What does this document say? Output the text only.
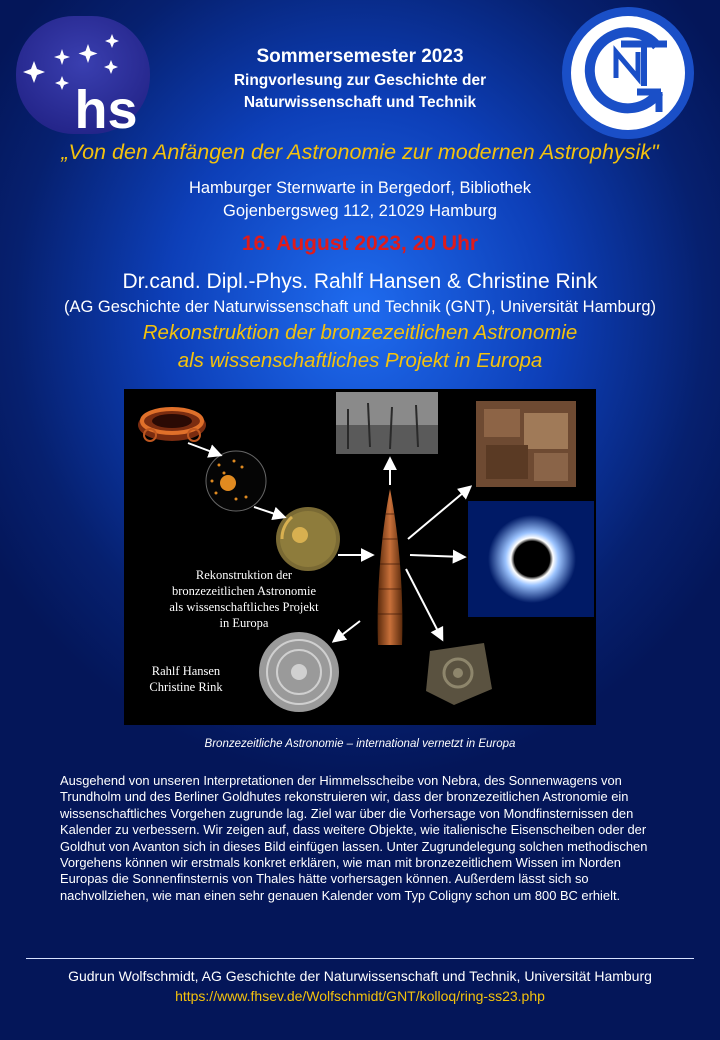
hs
Sommersemester 2023
Ringvorlesung zur Geschichte der
Naturwissenschaft und Technik
„Von den Anfängen der Astronomie zur modernen Astrophysik"
Hamburger Sternwarte in Bergedorf, Bibliothek
Gojenbergsweg 112, 21029 Hamburg
16. August 2023, 20 Uhr
Dr.cand. Dipl.-Phys. Rahlf Hansen & Christine Rink
(AG Geschichte der Naturwissenschaft und Technik (GNT), Universität Hamburg)
Rekonstruktion der bronzezeitlichen Astronomie
als wissenschaftliches Projekt in Europa
Rekonstruktion der
bronzezeitlichen Astronomie
als wissenschaftliches Projekt
in Europa
Rahlf Hansen
Christine Rink
Bronzezeitliche Astronomie – international vernetzt in Europa
Ausgehend von unseren Interpretationen der Himmelsscheibe von Nebra, des Sonnenwagens von Trundholm und des Berliner Goldhutes rekonstruieren wir, dass der bronzezeitlichen Astronomie ein wissenschaftliches Vorgehen zugrunde lag. Ziel war über die Vorhersage von Mondfinsternissen den Kalender zu verbessern. Wir zeigen auf, dass weitere Objekte, wie italienische Eisenscheiben oder der Goldhut von Avanton sich in dieses Bild einfügen lassen. Unter Zugrundelegung solchen methodischen Vorgehens können wir erstmals konkret erklären, wie man mit bronzezeitlichem Wissen im Norden Europas die Sonnenfinsternis von Thales hätte vorhersagen können. Außerdem lässt sich so nachvollziehen, wie man einen sehr genauen Kalender vom Typ Coligny schon um 800 BC erhielt.
Gudrun Wolfschmidt, AG Geschichte der Naturwissenschaft und Technik, Universität Hamburg
https://www.fhsev.de/Wolfschmidt/GNT/kolloq/ring-ss23.php
